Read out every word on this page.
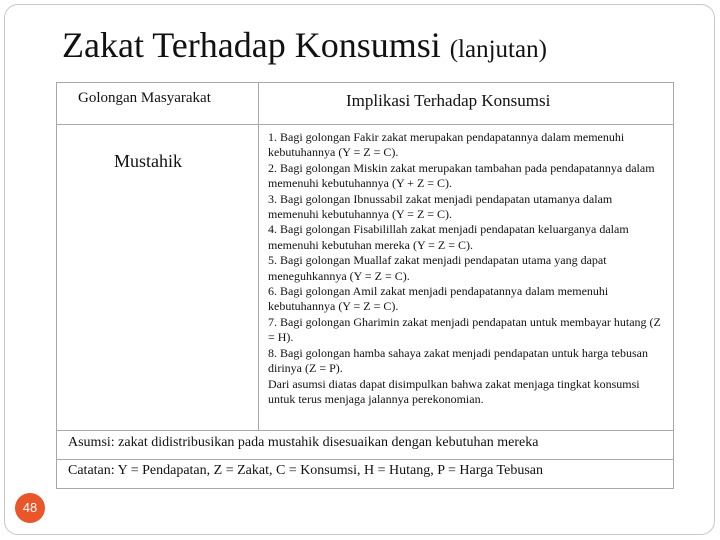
Zakat Terhadap Konsumsi (lanjutan)
Golongan Masyarakat	Implikasi Terhadap Konsumsi
Mustahik

1. Bagi golongan Fakir zakat merupakan pendapatannya dalam memenuhi kebutuhannya (Y = Z = C).

2. Bagi golongan Miskin zakat merupakan tambahan pada pendapatannya dalam memenuhi kebutuhannya (Y + Z = C).

3. Bagi golongan Ibnussabil zakat menjadi pendapatan utamanya dalam memenuhi kebutuhannya (Y = Z = C).

4. Bagi golongan Fisabilillah zakat menjadi pendapatan keluarganya dalam memenuhi kebutuhan mereka (Y = Z = C).

5. Bagi golongan Muallaf zakat menjadi pendapatan utama yang dapat meneguhkannya (Y = Z = C).

6. Bagi golongan Amil zakat menjadi pendapatannya dalam memenuhi kebutuhannya (Y = Z = C).

7. Bagi golongan Gharimin zakat menjadi pendapatan untuk membayar hutang (Z = H).

8. Bagi golongan hamba sahaya zakat menjadi pendapatan untuk harga tebusan dirinya (Z = P).

Dari asumsi diatas dapat disimpulkan bahwa zakat menjaga tingkat konsumsi untuk terus menjaga jalannya perekonomian.

Asumsi: zakat didistribusikan pada mustahik disesuaikan dengan kebutuhan mereka
Catatan: Y = Pendapatan, Z = Zakat, C = Konsumsi, H = Hutang, P = Harga Tebusan
48
